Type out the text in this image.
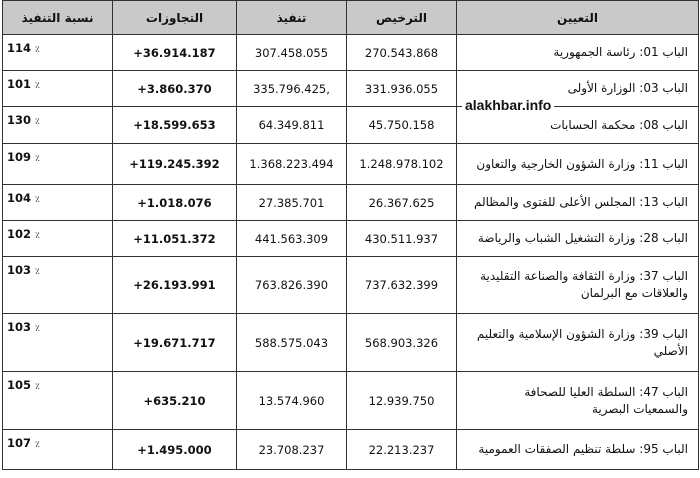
نسبة التنفيذ	التجاوزات	تنفيذ	الترخيص	التعيين
114 ٪	+36.914.187	307.458.055	270.543.868	الباب 01: رئاسة الجمهورية
101 ٪	+3.860.370	335.796.425,	331.936.055	الباب 03: الوزارة الأولى
130 ٪	+18.599.653	64.349.811	45.750.158	الباب 08: محكمة الحسابات
109 ٪	+119.245.392	1.368.223.494	1.248.978.102	الباب 11: وزارة الشؤون الخارجية والتعاون
104 ٪	+1.018.076	27.385.701	26.367.625	الباب 13: المجلس الأعلى للفتوى والمظالم
102 ٪	+11.051.372	441.563.309	430.511.937	الباب 28: وزارة التشغيل الشباب والرياضة
103 ٪	+26.193.991	763.826.390	737.632.399	الباب 37: وزارة الثقافة والصناعة التقليدية والعلاقات مع البرلمان
103 ٪	+19.671.717	588.575.043	568.903.326	الباب 39: وزارة الشؤون الإسلامية والتعليم الأصلي
105 ٪	+635.210	13.574.960	12.939.750	الباب 47: السلطة العليا للصحافة والسمعيات البصرية
107 ٪	+1.495.000	23.708.237	22.213.237	الباب 95: سلطة تنظيم الصفقات العمومية
alakhbar.info
